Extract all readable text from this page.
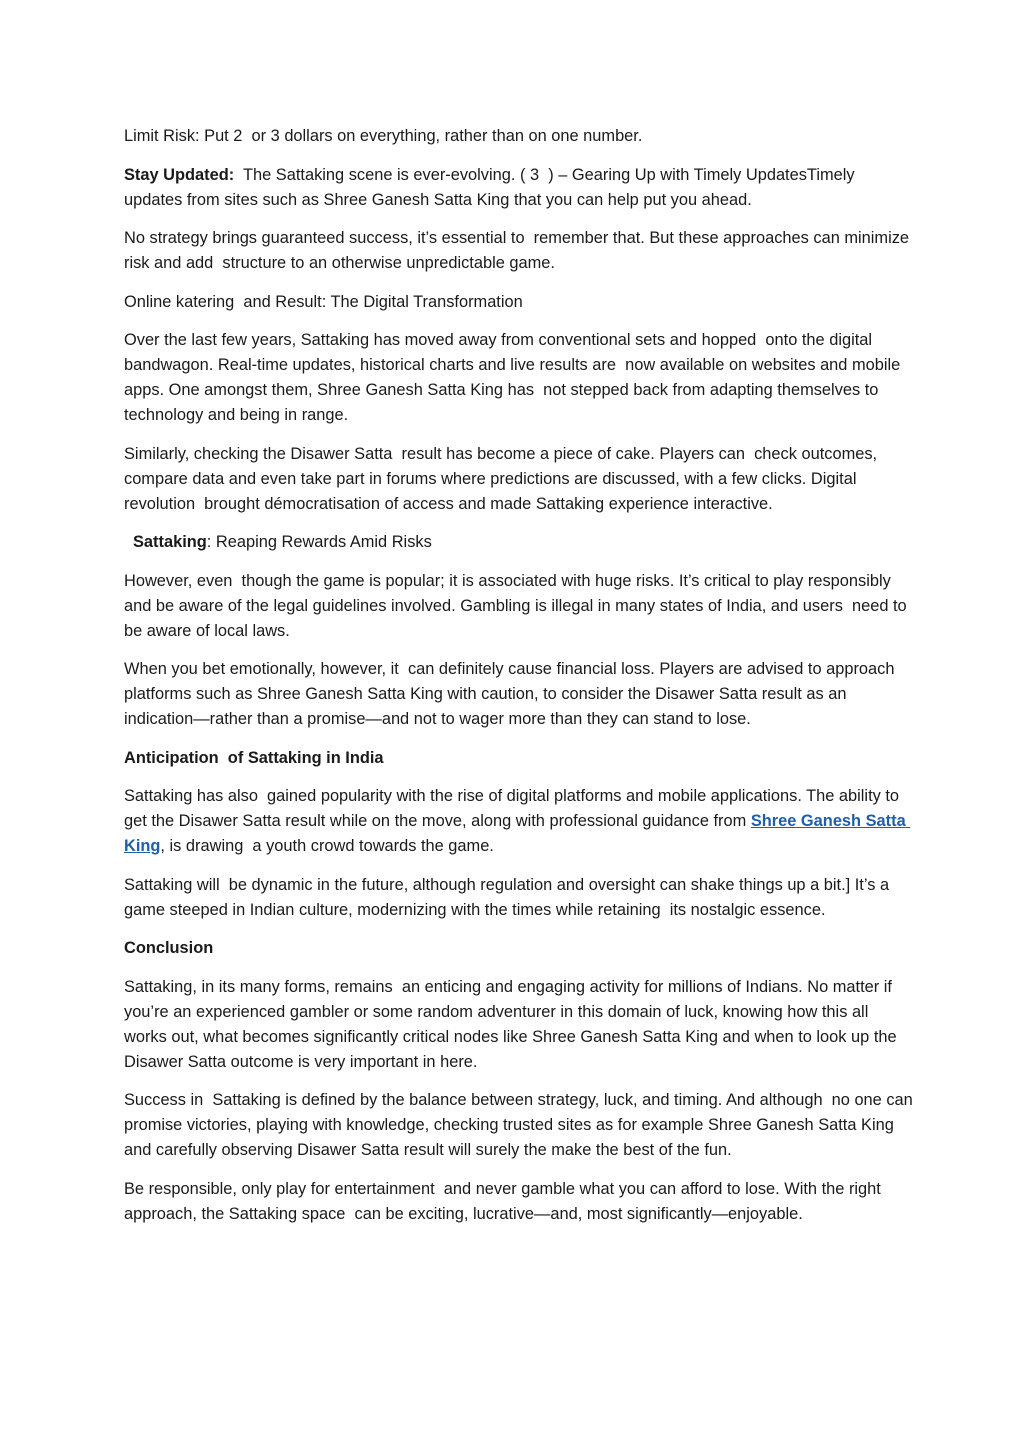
Limit Risk: Put 2  or 3 dollars on everything, rather than on one number.

Stay Updated:  The Sattaking scene is ever-evolving. ( 3  ) – Gearing Up with Timely UpdatesTimely updates from sites such as Shree Ganesh Satta King that you can help put you ahead.

No strategy brings guaranteed success, it’s essential to  remember that. But these approaches can minimize risk and add  structure to an otherwise unpredictable game.

Online katering  and Result: The Digital Transformation

Over the last few years, Sattaking has moved away from conventional sets and hopped  onto the digital bandwagon. Real-time updates, historical charts and live results are  now available on websites and mobile apps. One amongst them, Shree Ganesh Satta King has  not stepped back from adapting themselves to technology and being in range.

Similarly, checking the Disawer Satta  result has become a piece of cake. Players can  check outcomes, compare data and even take part in forums where predictions are discussed, with a few clicks. Digital revolution  brought démocratisation of access and made Sattaking experience interactive.

Sattaking: Reaping Rewards Amid Risks

However, even  though the game is popular; it is associated with huge risks. It’s critical to play responsibly  and be aware of the legal guidelines involved. Gambling is illegal in many states of India, and users  need to be aware of local laws.

When you bet emotionally, however, it  can definitely cause financial loss. Players are advised to approach  platforms such as Shree Ganesh Satta King with caution, to consider the Disawer Satta result as an indication—rather than a promise—and not to wager more than they can stand to lose.

Anticipation  of Sattaking in India

Sattaking has also  gained popularity with the rise of digital platforms and mobile applications. The ability to get the Disawer Satta result while on the move, along with professional guidance from Shree Ganesh Satta King, is drawing  a youth crowd towards the game.

Sattaking will  be dynamic in the future, although regulation and oversight can shake things up a bit.] It’s a game steeped in Indian culture, modernizing with the times while retaining  its nostalgic essence.

Conclusion

Sattaking, in its many forms, remains  an enticing and engaging activity for millions of Indians. No matter if you’re an experienced gambler or some random adventurer in this domain of luck, knowing how this all  works out, what becomes significantly critical nodes like Shree Ganesh Satta King and when to look up the Disawer Satta outcome is very important in here.

Success in  Sattaking is defined by the balance between strategy, luck, and timing. And although  no one can promise victories, playing with knowledge, checking trusted sites as for example Shree Ganesh Satta King and carefully observing Disawer Satta result will surely the make the best of the fun.

Be responsible, only play for entertainment  and never gamble what you can afford to lose. With the right approach, the Sattaking space  can be exciting, lucrative—and, most significantly—enjoyable.
